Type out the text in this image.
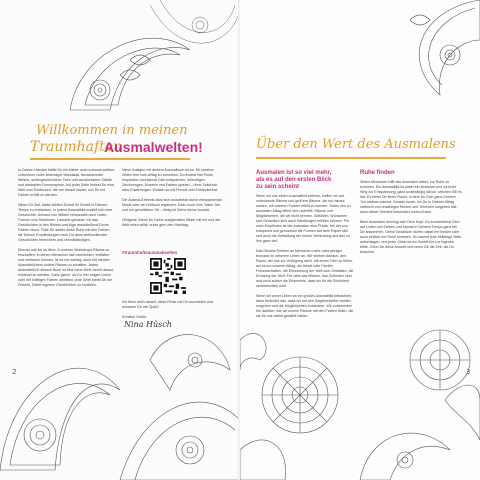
Willkommen in meinen
Traumhaften
Ausmalwelten!

In Deinen Händen hältst Du ein bisher noch schwarz-weißes Universum voller lebendiger Mandalas, bezaubernder Wesen, außergewöhnlicher Tiere und wundersamer Städte und abstrakter Formenspiele. Auf jeder Seite findest Du eine Welt zum Entdecken, die nur darauf wartet, von Dir mit Farben erfüllt zu werden.

Nimm Dir Zeit, diese Welten Schritt für Schritt in Deinem Tempo zu entdecken. In jedem Ausmalbild erzählt sich eine Geschichte. Anhand von Welten verwandeln sich Linien, Formen und Strukturen. Lausche genauer, ich das Geschichten in den Bildern und füge anschließend Deine Farben hinzu. Folle Dir selber diese Ruhe mit den Farben, die Deinen Empfindungen nach Du dann wohlwollenden Geschichten bereichern und vervollständigen.

Ebenso wie ich es liebe, in meinen Workshops Räume zu erschaffen, in denen Menschen sich wohlfühlen, entfalten und vertrauen können, ist es mir wichtig, auch mit meinen Ausmalbüchern solche Räume zu schaffen. Jedes Ausmalbild in diesem Buch ist eine neue Welt, bereit darauf, entdeckt zu werden. Ganz gleich, ob Du mit ruhigen Linien oder mit kräftigen Farben arbeitest, jede Seite bietet Dir die Freiheit, Deine eigenen Geschichten zu erzählen.

Nimm Anlagen mit diesem Ausmalbuch ist es, Dir kreative Zeiten fern vom Alltag zu schenken. Du findest hier Ruhe, Inspiration und kannst Dich entspannen, lebendigen Zeichnungen, Mustern und Farben spielen – ohne Zeitdruck oder Erwartungen. Einfach so mit Freude und Entdeckerlust.

Die Ausmal-Erlebnis lässt sich wunderbar durch entspannende Musik oder ein Hörbuch ergänzen. Dazu noch eine Tasse Tee und ein gemütlicher Ort – fertig ist Deine kleine Auszeit.

Übrigens: Wenn Du Deine ausgemalten Bilder mit mir und der Welt teilen willst, nutze gern den Hashtag:

#traumhafteausmalwelten

Ich freue mich darauf, diese Reise mit Dir anzutreten und wünsche Dir viel Spaß!

Kreative Grüße

Nina Hüsch
2
Über den Wert des Ausmalens
Ausmalen ist so viel mehr,
als es auf den ersten Blick
zu sein scheint
Ruhe finden

Wenn wir uns einem Ausmalbild widmen, treffen wir auf unbekannte Räume und größere Bäume, die nur darauf warten, mit unseren Farben erfüllt zu werden. Jedes neu zu ausmalen Alltag öffnet sich unerfüllt. Räume und Möglichkeiten, die wir nicht kennen. Gefühlen, Wünschen und Gedanken sich auch Handlungen erfüllen können. Für mich Empfinden ist der Ausmalen eine Praxis, bei der uns entspannt und genussvoll die Formen auf dem Papier fällt und auch die Gestaltung der neuen Verbindung aus den zu ihm ganz viel.

Das Gleiche Erleben an Menschen mehr oder weniger bewusst im unserem Leben an. Wir streben danach, den Raum, der uns zur Verfügung steht, mit einem Sinn zu füllen, sei es um unseren Alltag, die Arbeit oder Familie, Freundschaften, die Erforschung der Welt zum Gestalten, die Erholung der Welt. Für viele das Wissen, das Zufrieden sind und nicht zuletzt die Erkenntnis, dass wir für die Schönheit verantwortlich sind.

Wenn wir unser Leben an ein großes Ausmalbild betrachten, dann bedeutet das, dass wir mit den Gegebenheiten kreativ umgehen und die Möglichkeiten entdecken. Wir entscheiden frei darüber, wie wir unsere Räume mit den Farben füllen, die wir für uns selbst gewählt haben.

Vielen Menschen trifft das Ausmalen dabei, zur Ruhe zu kommen. Ein Ausmalbild ist dabei ein einfacher und sicherer Weg zur Entspannung, ganz unabhängig davon, welchen Stil es hat. Es bietet Dir einen Raum, in dem Du Dich ganz Deinem Tun widmen kannst. Gerade heute, wo Du in Deinem Alltag vielleicht von unzähligen Reizen und Terminen umgeben bist, kann dieser Moment besonders wertvoll sein.

Beim Ausmalen beruhigt sich Dein Kopf. Du konzentrierst Dich auf Linien und Farben und kannst in Deinem Tempo ganz bei Dir ankommen. Deine Gedanken dürfen dabei frei fließen oder auch einfach zur Ruhe kommen. Du kannst jede beliebige Seite aufschlagen, und jeder Strich ist ein Schritt hin zur eigenen Mitte. Gönn Dir diese Auszeit und nimm Dir die Zeit, die Du brauchst.

3
